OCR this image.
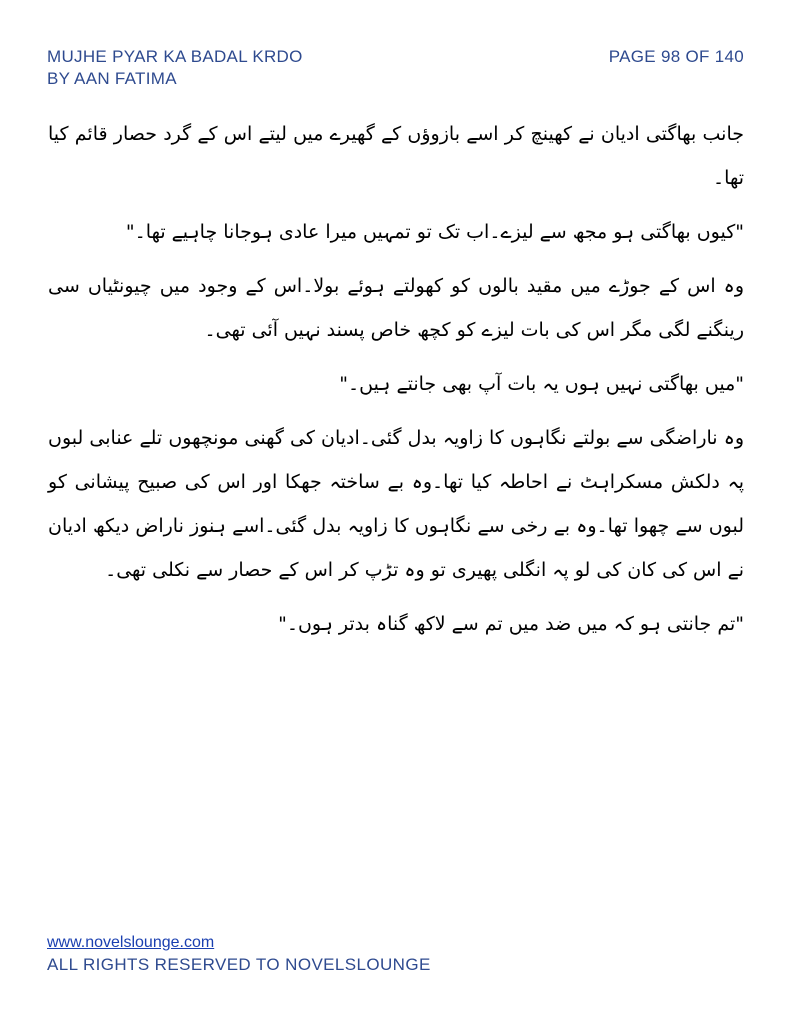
MUJHE PYAR KA BADAL KRDO
BY AAN FATIMA
PAGE 98 OF 140

جانب بھاگتی ادیان نے کھینچ کر اسے بازوؤں کے گھیرے میں لیتے اس کے گرد حصار قائم کیا تھا۔

"کیوں بھاگتی ہو مجھ سے لیزے۔اب تک تو تمہیں میرا عادی ہوجانا چاہیے تھا۔"

وہ اس کے جوڑے میں مقید بالوں کو کھولتے ہوئے بولا۔اس کے وجود میں چیونٹیاں سی رینگنے لگی مگر اس کی بات لیزے کو کچھ خاص پسند نہیں آئی تھی۔

"میں بھاگتی نہیں ہوں یہ بات آپ بھی جانتے ہیں۔"

وہ ناراضگی سے بولتے نگاہوں کا زاویہ بدل گئی۔ادیان کی گھنی مونچھوں تلے عنابی لبوں پہ دلکش مسکراہٹ نے احاطہ کیا تھا۔وہ بے ساختہ جھکا اور اس کی صبیح پیشانی کو لبوں سے چھوا تھا۔وہ بے رخی سے نگاہوں کا زاویہ بدل گئی۔اسے ہنوز ناراض دیکھ ادیان نے اس کی کان کی لو پہ انگلی پھیری تو وہ تڑپ کر اس کے حصار سے نکلی تھی۔

"تم جانتی ہو کہ میں ضد میں تم سے لاکھ گناہ بدتر ہوں۔"

www.novelslounge.com
ALL RIGHTS RESERVED TO NOVELSLOUNGE
